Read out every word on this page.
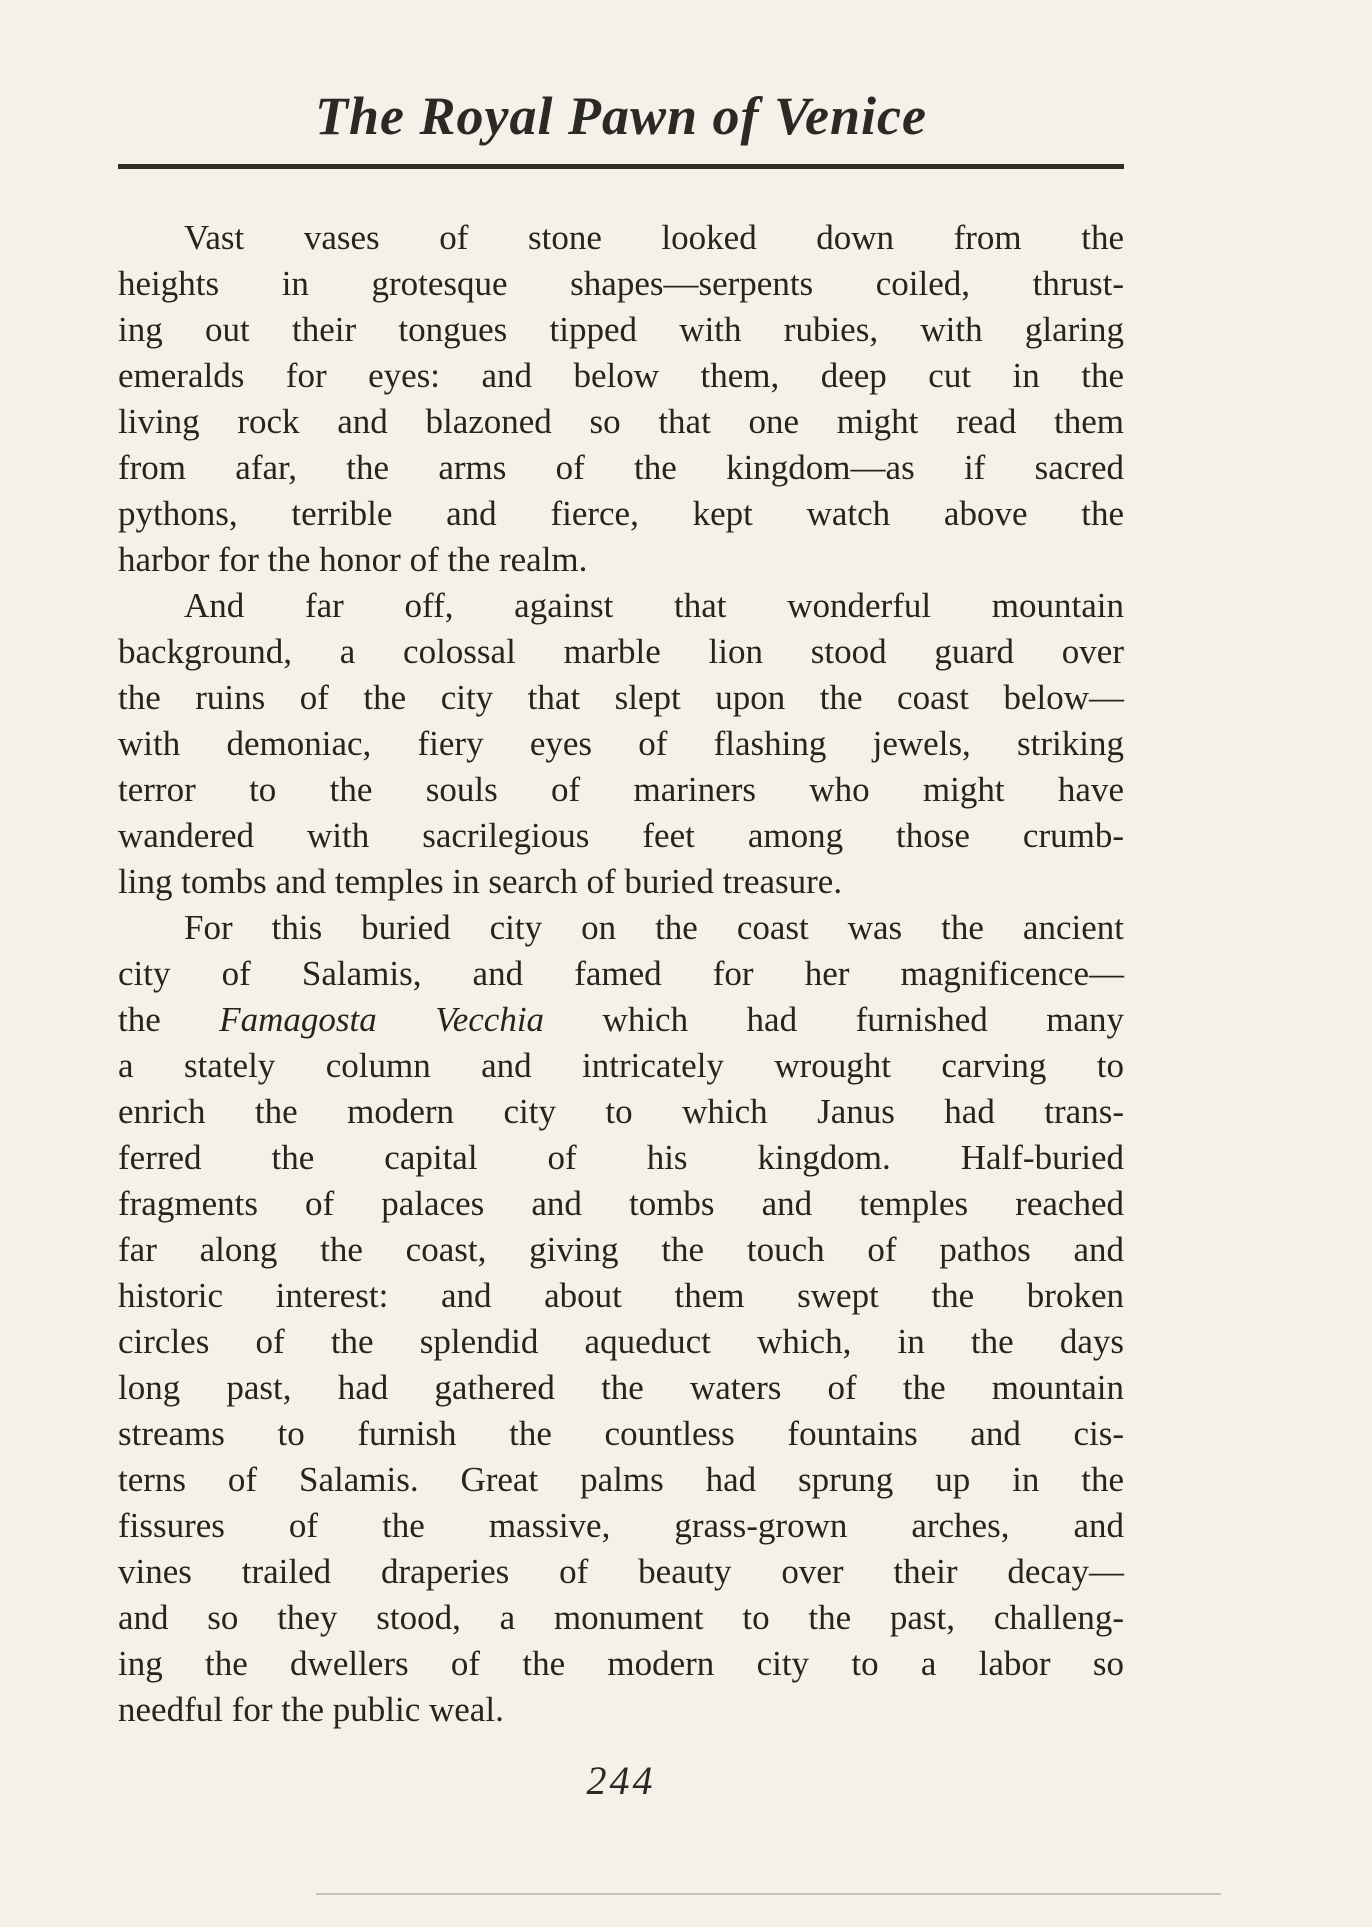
The Royal Pawn of Venice
Vast vases of stone looked down from the
heights in grotesque shapes—serpents coiled, thrust-
ing out their tongues tipped with rubies, with glaring
emeralds for eyes: and below them, deep cut in the
living rock and blazoned so that one might read them
from afar, the arms of the kingdom—as if sacred
pythons, terrible and fierce, kept watch above the
harbor for the honor of the realm.
And far off, against that wonderful mountain
background, a colossal marble lion stood guard over
the ruins of the city that slept upon the coast below—
with demoniac, fiery eyes of flashing jewels, striking
terror to the souls of mariners who might have
wandered with sacrilegious feet among those crumb-
ling tombs and temples in search of buried treasure.
For this buried city on the coast was the ancient
city of Salamis, and famed for her magnificence—
the Famagosta Vecchia which had furnished many
a stately column and intricately wrought carving to
enrich the modern city to which Janus had trans-
ferred the capital of his kingdom. Half-buried
fragments of palaces and tombs and temples reached
far along the coast, giving the touch of pathos and
historic interest: and about them swept the broken
circles of the splendid aqueduct which, in the days
long past, had gathered the waters of the mountain
streams to furnish the countless fountains and cis-
terns of Salamis. Great palms had sprung up in the
fissures of the massive, grass-grown arches, and
vines trailed draperies of beauty over their decay—
and so they stood, a monument to the past, challeng-
ing the dwellers of the modern city to a labor so
needful for the public weal.
244
